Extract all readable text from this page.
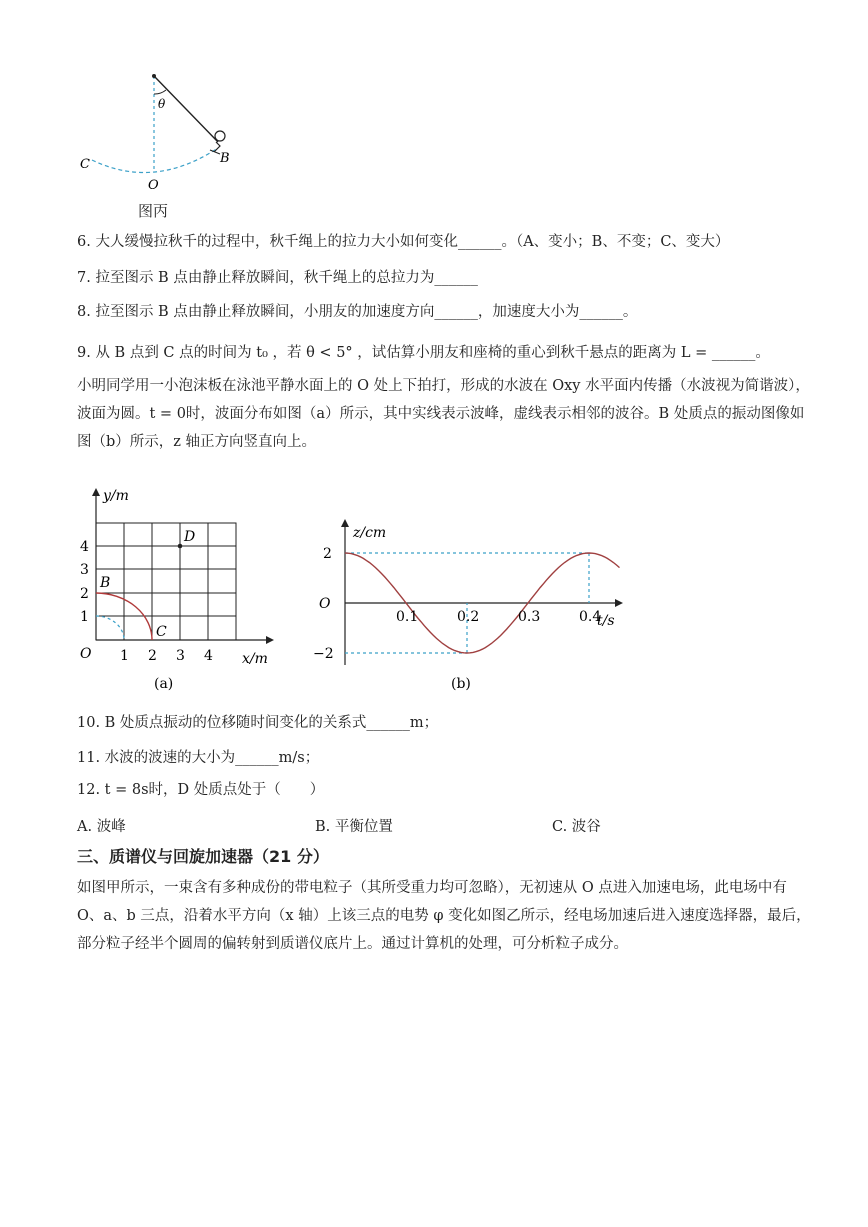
θ
B
C
O
图丙
6. 大人缓慢拉秋千的过程中，秋千绳上的拉力大小如何变化______。（A、变小；B、不变；C、变大）
7. 拉至图示 B 点由静止释放瞬间，秋千绳上的总拉力为______
8. 拉至图示 B 点由静止释放瞬间，小朋友的加速度方向______，加速度大小为______。
9. 从 B 点到 C 点的时间为 t₀ ，若 θ < 5° ，试估算小朋友和座椅的重心到秋千悬点的距离为 L = ______。
小明同学用一小泡沫板在泳池平静水面上的 O 处上下拍打，形成的水波在 Oxy 水平面内传播（水波视为简谐波），波面为圆。t = 0时，波面分布如图（a）所示，其中实线表示波峰，虚线表示相邻的波谷。B 处质点的振动图像如图（b）所示，z 轴正方向竖直向上。
y/m
x/m
O 1 2 3 4
1
2
3
4
B
C
D
(a)
0.1	0.2	0.3	0.4
2
−2
z/cm
t/s
O
(b)
10. B 处质点振动的位移随时间变化的关系式______m；
11. 水波的波速的大小为______m/s；
12. t = 8s时，D 处质点处于（　　）
A. 波峰	B. 平衡位置	C. 波谷
三、质谱仪与回旋加速器（21 分）
如图甲所示，一束含有多种成份的带电粒子（其所受重力均可忽略），无初速从 O 点进入加速电场，此电场中有 O、a、b 三点，沿着水平方向（x 轴）上该三点的电势 φ 变化如图乙所示，经电场加速后进入速度选择器，最后，部分粒子经半个圆周的偏转射到质谱仪底片上。通过计算机的处理，可分析粒子成分。
